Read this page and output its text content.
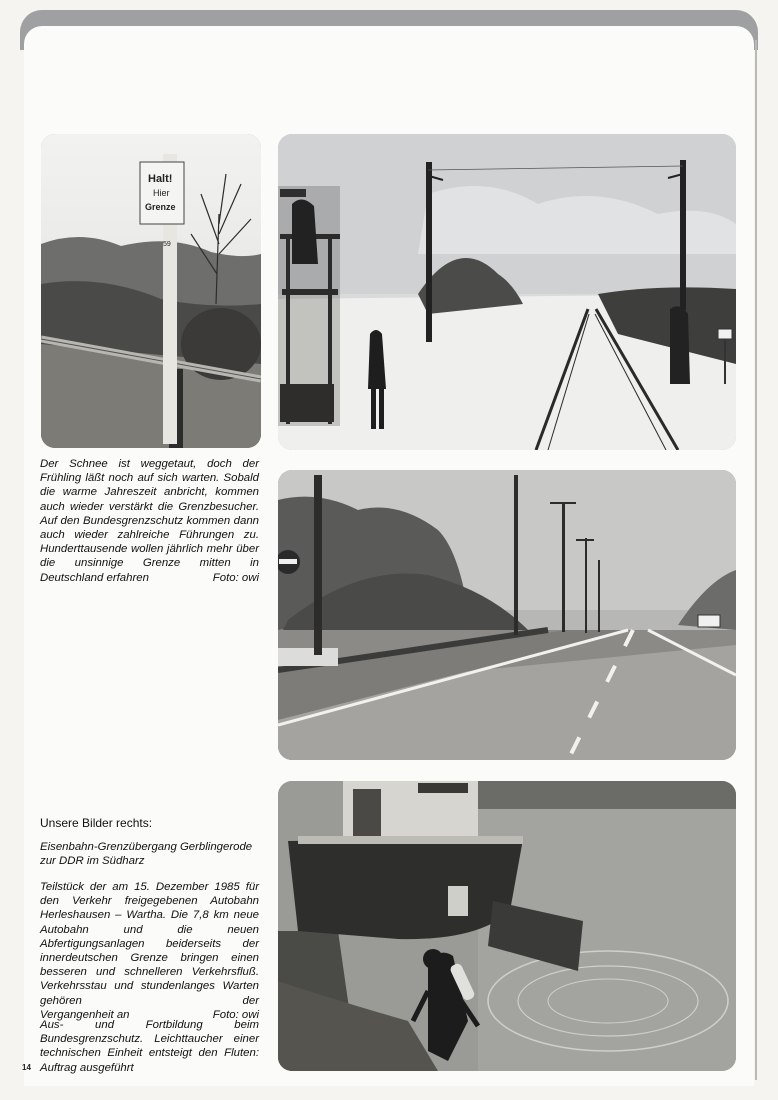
Halt!
Hier
Grenze
59

Der Schnee ist weggetaut, doch der Frühling läßt noch auf sich warten. Sobald die warme Jahreszeit anbricht, kommen auch wieder verstärkt die Grenzbesucher. Auf den Bundesgrenzschutz kommen dann auch wieder zahlreiche Führungen zu. Hunderttausende wollen jährlich mehr über die unsinnige Grenze mitten in

Deutschland erfahren	Foto: owi

Unsere Bilder rechts:

Eisenbahn-Grenzübergang Gerblingerode zur DDR im Südharz

Teilstück der am 15. Dezember 1985 für den Verkehr freigegebenen Autobahn Herleshausen – Wartha. Die 7,8 km neue Autobahn und die neuen Abfertigungsanlagen beiderseits der innerdeutschen Grenze bringen einen besseren und schnelleren Verkehrsfluß. Verkehrsstau und stundenlanges Warten gehören der

Vergangenheit an	Foto: owi

Aus- und Fortbildung beim Bundesgrenzschutz. Leichttaucher einer technischen Einheit entsteigt den Fluten: Auftrag ausgeführt

14
